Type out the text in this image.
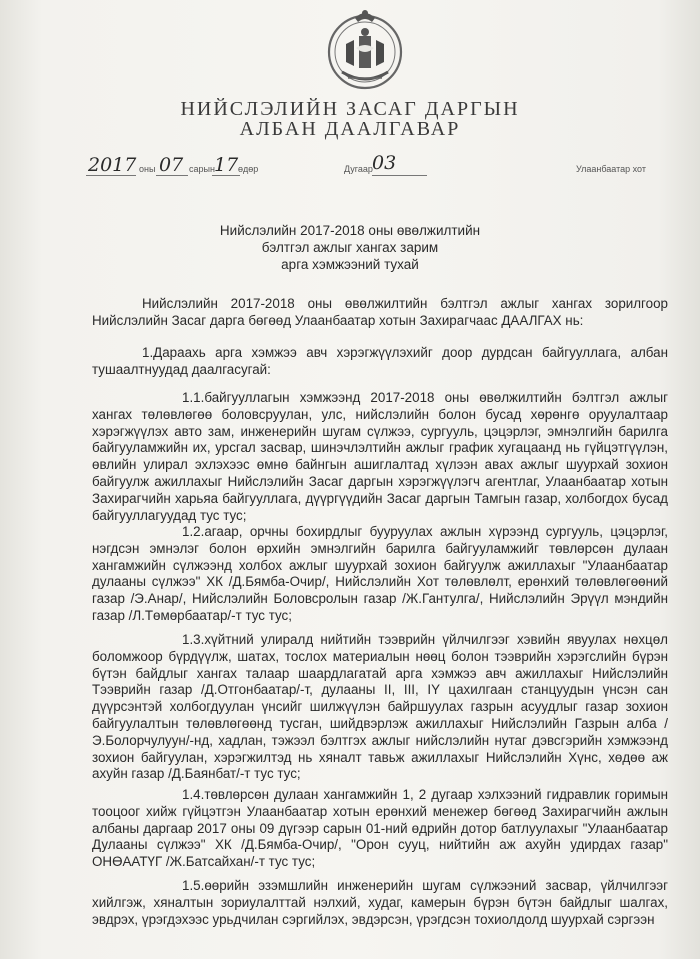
НИЙСЛЭЛИЙН ЗАСАГ ДАРГЫН
АЛБАН ДААЛГАВАР
2017 оны 07 сарын 17 өдөр	Дугаар 03	Улаанбаатар хот
Нийслэлийн 2017-2018 оны өвөлжилтийн
бэлтгэл ажлыг хангах зарим
арга хэмжээний тухай

Нийслэлийн 2017-2018 оны өвөлжилтийн бэлтгэл ажлыг хангах зорилгоор Нийслэлийн Засаг дарга бөгөөд Улаанбаатар хотын Захирагчаас ДААЛГАХ нь:

1.Дараахь арга хэмжээ авч хэрэгжүүлэхийг доор дурдсан байгууллага, албан тушаалтнуудад даалгасугай:

1.1.байгууллагын хэмжээнд 2017-2018 оны өвөлжилтийн бэлтгэл ажлыг хангах төлөвлөгөө боловсруулан, улс, нийслэлийн болон бусад хөрөнгө оруулалтаар хэрэгжүүлэх авто зам, инженерийн шугам сүлжээ, сургууль, цэцэрлэг, эмнэлгийн барилга байгууламжийн их, урсгал засвар, шинэчлэлтийн ажлыг график хугацаанд нь гүйцэтгүүлэн, өвлийн улирал эхлэхээс өмнө байнгын ашиглалтад хүлээн авах ажлыг шуурхай зохион байгуулж ажиллахыг Нийслэлийн Засаг даргын хэрэгжүүлэгч агентлаг, Улаанбаатар хотын Захирагчийн харьяа байгууллага, дүүргүүдийн Засаг даргын Тамгын газар, холбогдох бусад байгууллагуудад тус тус;

1.2.агаар, орчны бохирдлыг бууруулах ажлын хүрээнд сургууль, цэцэрлэг, нэгдсэн эмнэлэг болон өрхийн эмнэлгийн барилга байгууламжийг төвлөрсөн дулаан хангамжийн сүлжээнд холбох ажлыг шуурхай зохион байгуулж ажиллахыг "Улаанбаатар дулааны сүлжээ" ХК /Д.Бямба-Очир/, Нийслэлийн Хот төлөвлөлт, ерөнхий төлөвлөгөөний газар /Э.Анар/, Нийслэлийн Боловсролын газар /Ж.Гантулга/, Нийслэлийн Эрүүл мэндийн газар /Л.Төмөрбаатар/-т тус тус;

1.3.хүйтний улиралд нийтийн тээврийн үйлчилгээг хэвийн явуулах нөхцөл боломжоор бүрдүүлж, шатах, тослох материалын нөөц болон тээврийн хэрэгслийн бүрэн бүтэн байдлыг хангах талаар шаардлагатай арга хэмжээ авч ажиллахыг Нийслэлийн Тээврийн газар /Д.Отгонбаатар/-т, дулааны II, III, IY цахилгаан станцуудын үнсэн сан дүүрсэнтэй холбогдуулан үнсийг шилжүүлэн байршуулах газрын асуудлыг газар зохион байгуулалтын төлөвлөгөөнд тусган, шийдвэрлэж ажиллахыг Нийслэлийн Газрын алба /Э.Болорчулуун/-нд, хадлан, тэжээл бэлтгэх ажлыг нийслэлийн нутаг дэвсгэрийн хэмжээнд зохион байгуулан, хэрэгжилтэд нь хяналт тавьж ажиллахыг Нийслэлийн Хүнс, хөдөө аж ахуйн газар /Д.Баянбат/-т тус тус;

1.4.төвлөрсөн дулаан хангамжийн 1, 2 дугаар хэлхээний гидравлик горимын тооцоог хийж гүйцэтгэн Улаанбаатар хотын ерөнхий менежер бөгөөд Захирагчийн ажлын албаны даргаар 2017 оны 09 дүгээр сарын 01-ний өдрийн дотор батлуулахыг "Улаанбаатар Дулааны сүлжээ" ХК /Д.Бямба-Очир/, "Орон сууц, нийтийн аж ахуйн удирдах газар" ОНӨААТҮГ /Ж.Батсайхан/-т тус тус;

1.5.өөрийн эзэмшлийн инженерийн шугам сүлжээний засвар, үйлчилгээг хийлгэж, хяналтын зориулалттай нэлхий, худаг, камерын бүрэн бүтэн байдлыг шалгах, эвдрэх, үрэгдэхээс урьдчилан сэргийлэх, эвдэрсэн, үрэгдсэн тохиолдолд шуурхай сэргээн
